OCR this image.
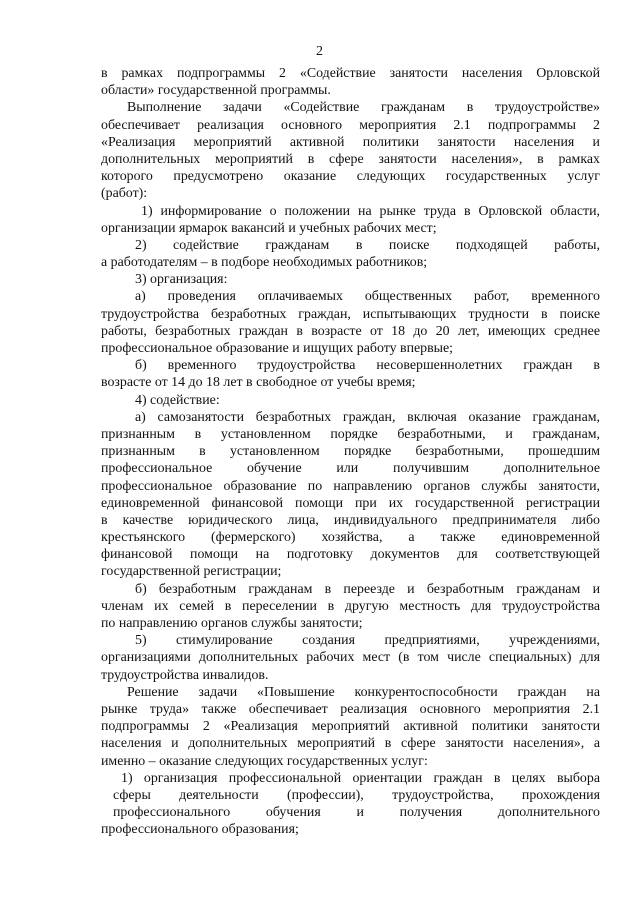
2
в рамках подпрограммы 2 «Содействие занятости населения Орловской
области» государственной программы.
Выполнение задачи «Содействие гражданам в трудоустройстве»
обеспечивает реализация основного мероприятия 2.1 подпрограммы 2
«Реализация мероприятий активной политики занятости населения и
дополнительных мероприятий в сфере занятости населения», в рамках
которого предусмотрено оказание следующих государственных услуг
(работ):
1) информирование о положении на рынке труда в Орловской области,
организации ярмарок вакансий и учебных рабочих мест;
2) содействие гражданам в поиске подходящей работы,
а работодателям – в подборе необходимых работников;
3) организация:
а) проведения оплачиваемых общественных работ, временного
трудоустройства безработных граждан, испытывающих трудности в поиске
работы, безработных граждан в возрасте от 18 до 20 лет, имеющих среднее
профессиональное образование и ищущих работу впервые;
б) временного трудоустройства несовершеннолетних граждан в
возрасте от 14 до 18 лет в свободное от учебы время;
4) содействие:
а) самозанятости безработных граждан, включая оказание гражданам,
признанным в установленном порядке безработными, и гражданам,
признанным в установленном порядке безработными, прошедшим
профессиональное обучение или получившим дополнительное
профессиональное образование по направлению органов службы занятости,
единовременной финансовой помощи при их государственной регистрации
в качестве юридического лица, индивидуального предпринимателя либо
крестьянского (фермерского) хозяйства, а также единовременной
финансовой помощи на подготовку документов для соответствующей
государственной регистрации;
б) безработным гражданам в переезде и безработным гражданам и
членам их семей в переселении в другую местность для трудоустройства
по направлению органов службы занятости;
5) стимулирование создания предприятиями, учреждениями,
организациями дополнительных рабочих мест (в том числе специальных) для
трудоустройства инвалидов.
Решение задачи «Повышение конкурентоспособности граждан на
рынке труда» также обеспечивает реализация основного мероприятия 2.1
подпрограммы 2 «Реализация мероприятий активной политики занятости
населения и дополнительных мероприятий в сфере занятости населения», а
именно – оказание следующих государственных услуг:
1) организация профессиональной ориентации граждан в целях выбора
сферы деятельности (профессии), трудоустройства, прохождения
профессионального обучения и получения дополнительного
профессионального образования;
